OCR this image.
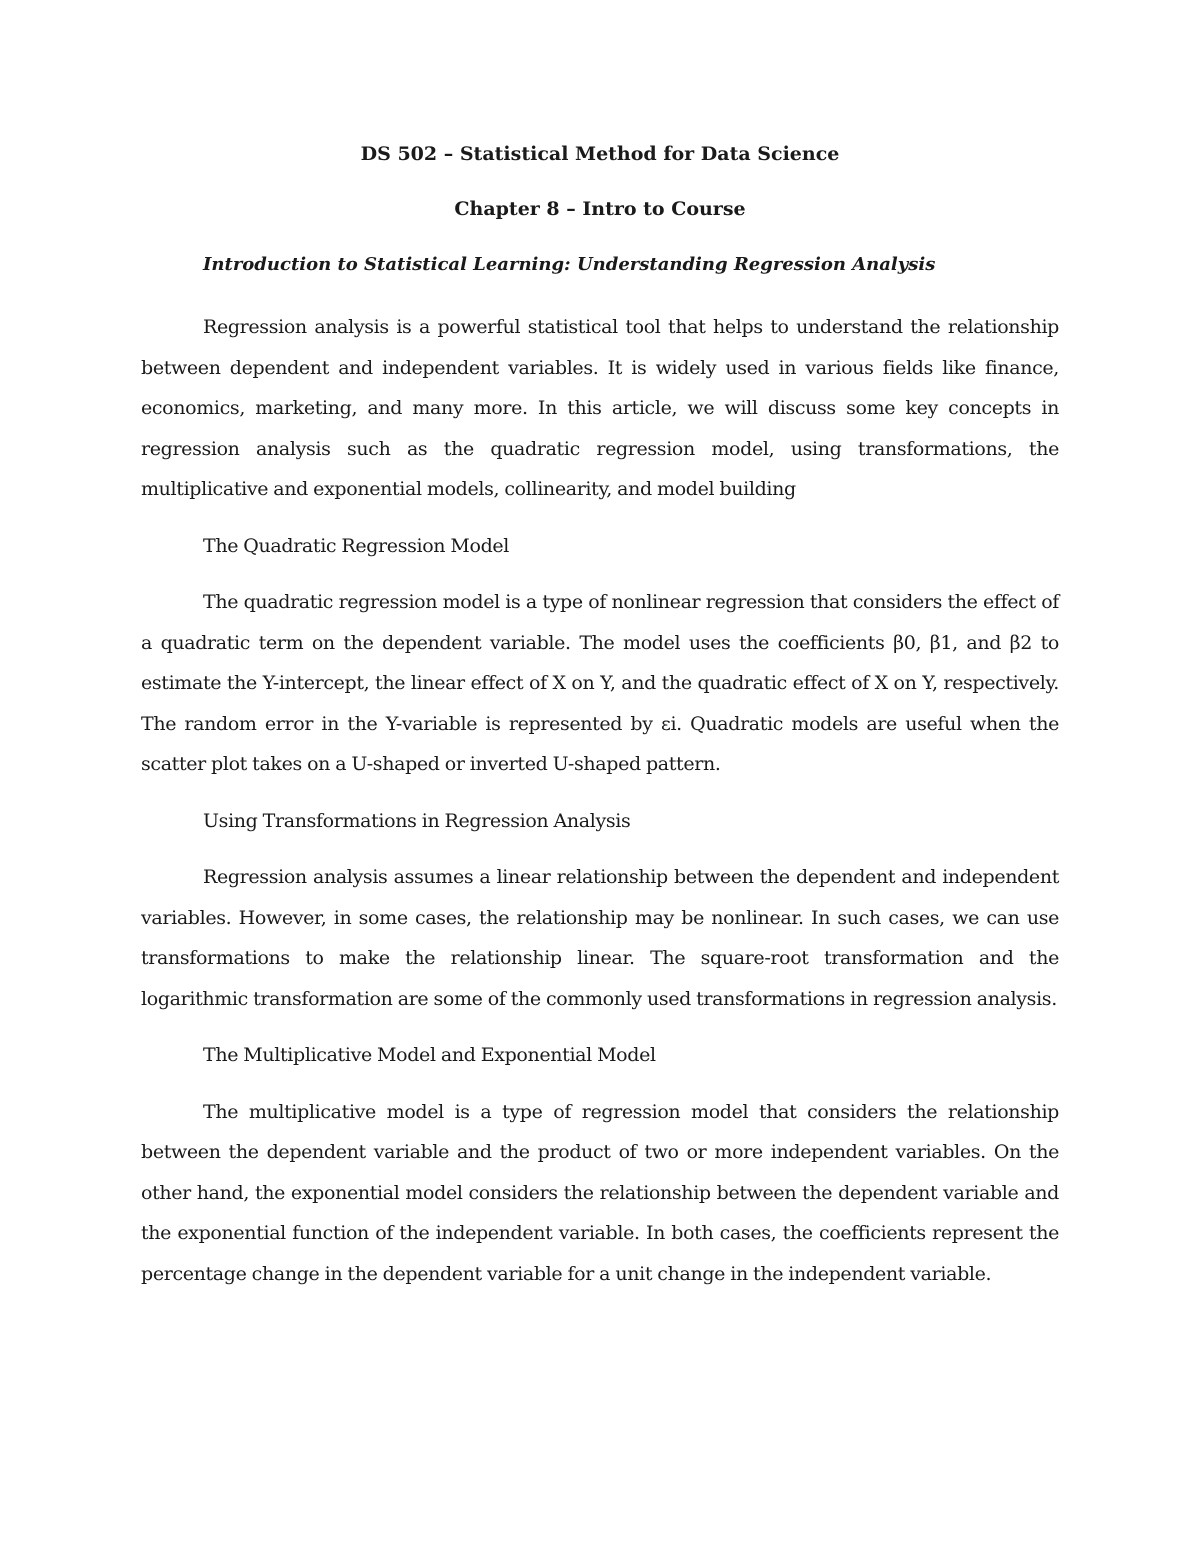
DS 502 – Statistical Method for Data Science
Chapter 8 – Intro to Course
Introduction to Statistical Learning: Understanding Regression Analysis

Regression analysis is a powerful statistical tool that helps to understand the relationship between dependent and independent variables. It is widely used in various fields like finance, economics, marketing, and many more. In this article, we will discuss some key concepts in regression analysis such as the quadratic regression model, using transformations, the multiplicative and exponential models, collinearity, and model building

The Quadratic Regression Model

The quadratic regression model is a type of nonlinear regression that considers the effect of a quadratic term on the dependent variable. The model uses the coefficients β0, β1, and β2 to estimate the Y-intercept, the linear effect of X on Y, and the quadratic effect of X on Y, respectively. The random error in the Y-variable is represented by εi. Quadratic models are useful when the scatter plot takes on a U-shaped or inverted U-shaped pattern.

Using Transformations in Regression Analysis

Regression analysis assumes a linear relationship between the dependent and independent variables. However, in some cases, the relationship may be nonlinear. In such cases, we can use transformations to make the relationship linear. The square-root transformation and the logarithmic transformation are some of the commonly used transformations in regression analysis.

The Multiplicative Model and Exponential Model

The multiplicative model is a type of regression model that considers the relationship between the dependent variable and the product of two or more independent variables. On the other hand, the exponential model considers the relationship between the dependent variable and the exponential function of the independent variable. In both cases, the coefficients represent the percentage change in the dependent variable for a unit change in the independent variable.
